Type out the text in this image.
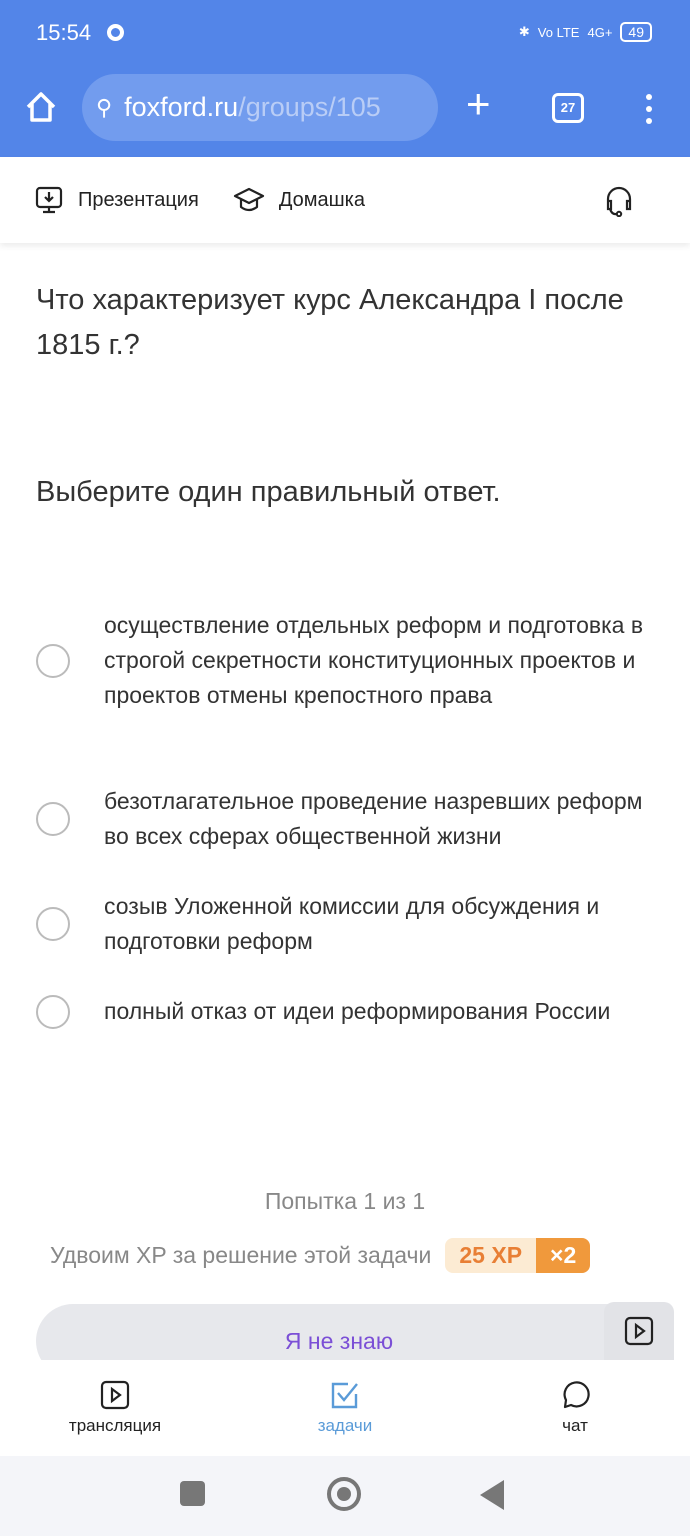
15:54	✱ Vo LTE 4G+	49
⚲ foxford.ru /groups/105 +	27
Презентация	Домашка
Что характеризует курс Александра I после 1815 г.?
Выберите один правильный ответ.
осуществление отдельных реформ и подготовка в строгой секретности конституционных проектов и проектов отмены крепостного права
безотлагательное проведение назревших реформ во всех сферах общественной жизни
созыв Уложенной комиссии для обсуждения и подготовки реформ
полный отказ от идеи реформирования России
Попытка 1 из 1
Удвоим XP за решение этой задачи	25 XP	×2
Я не знаю
трансляция	задачи	чат
